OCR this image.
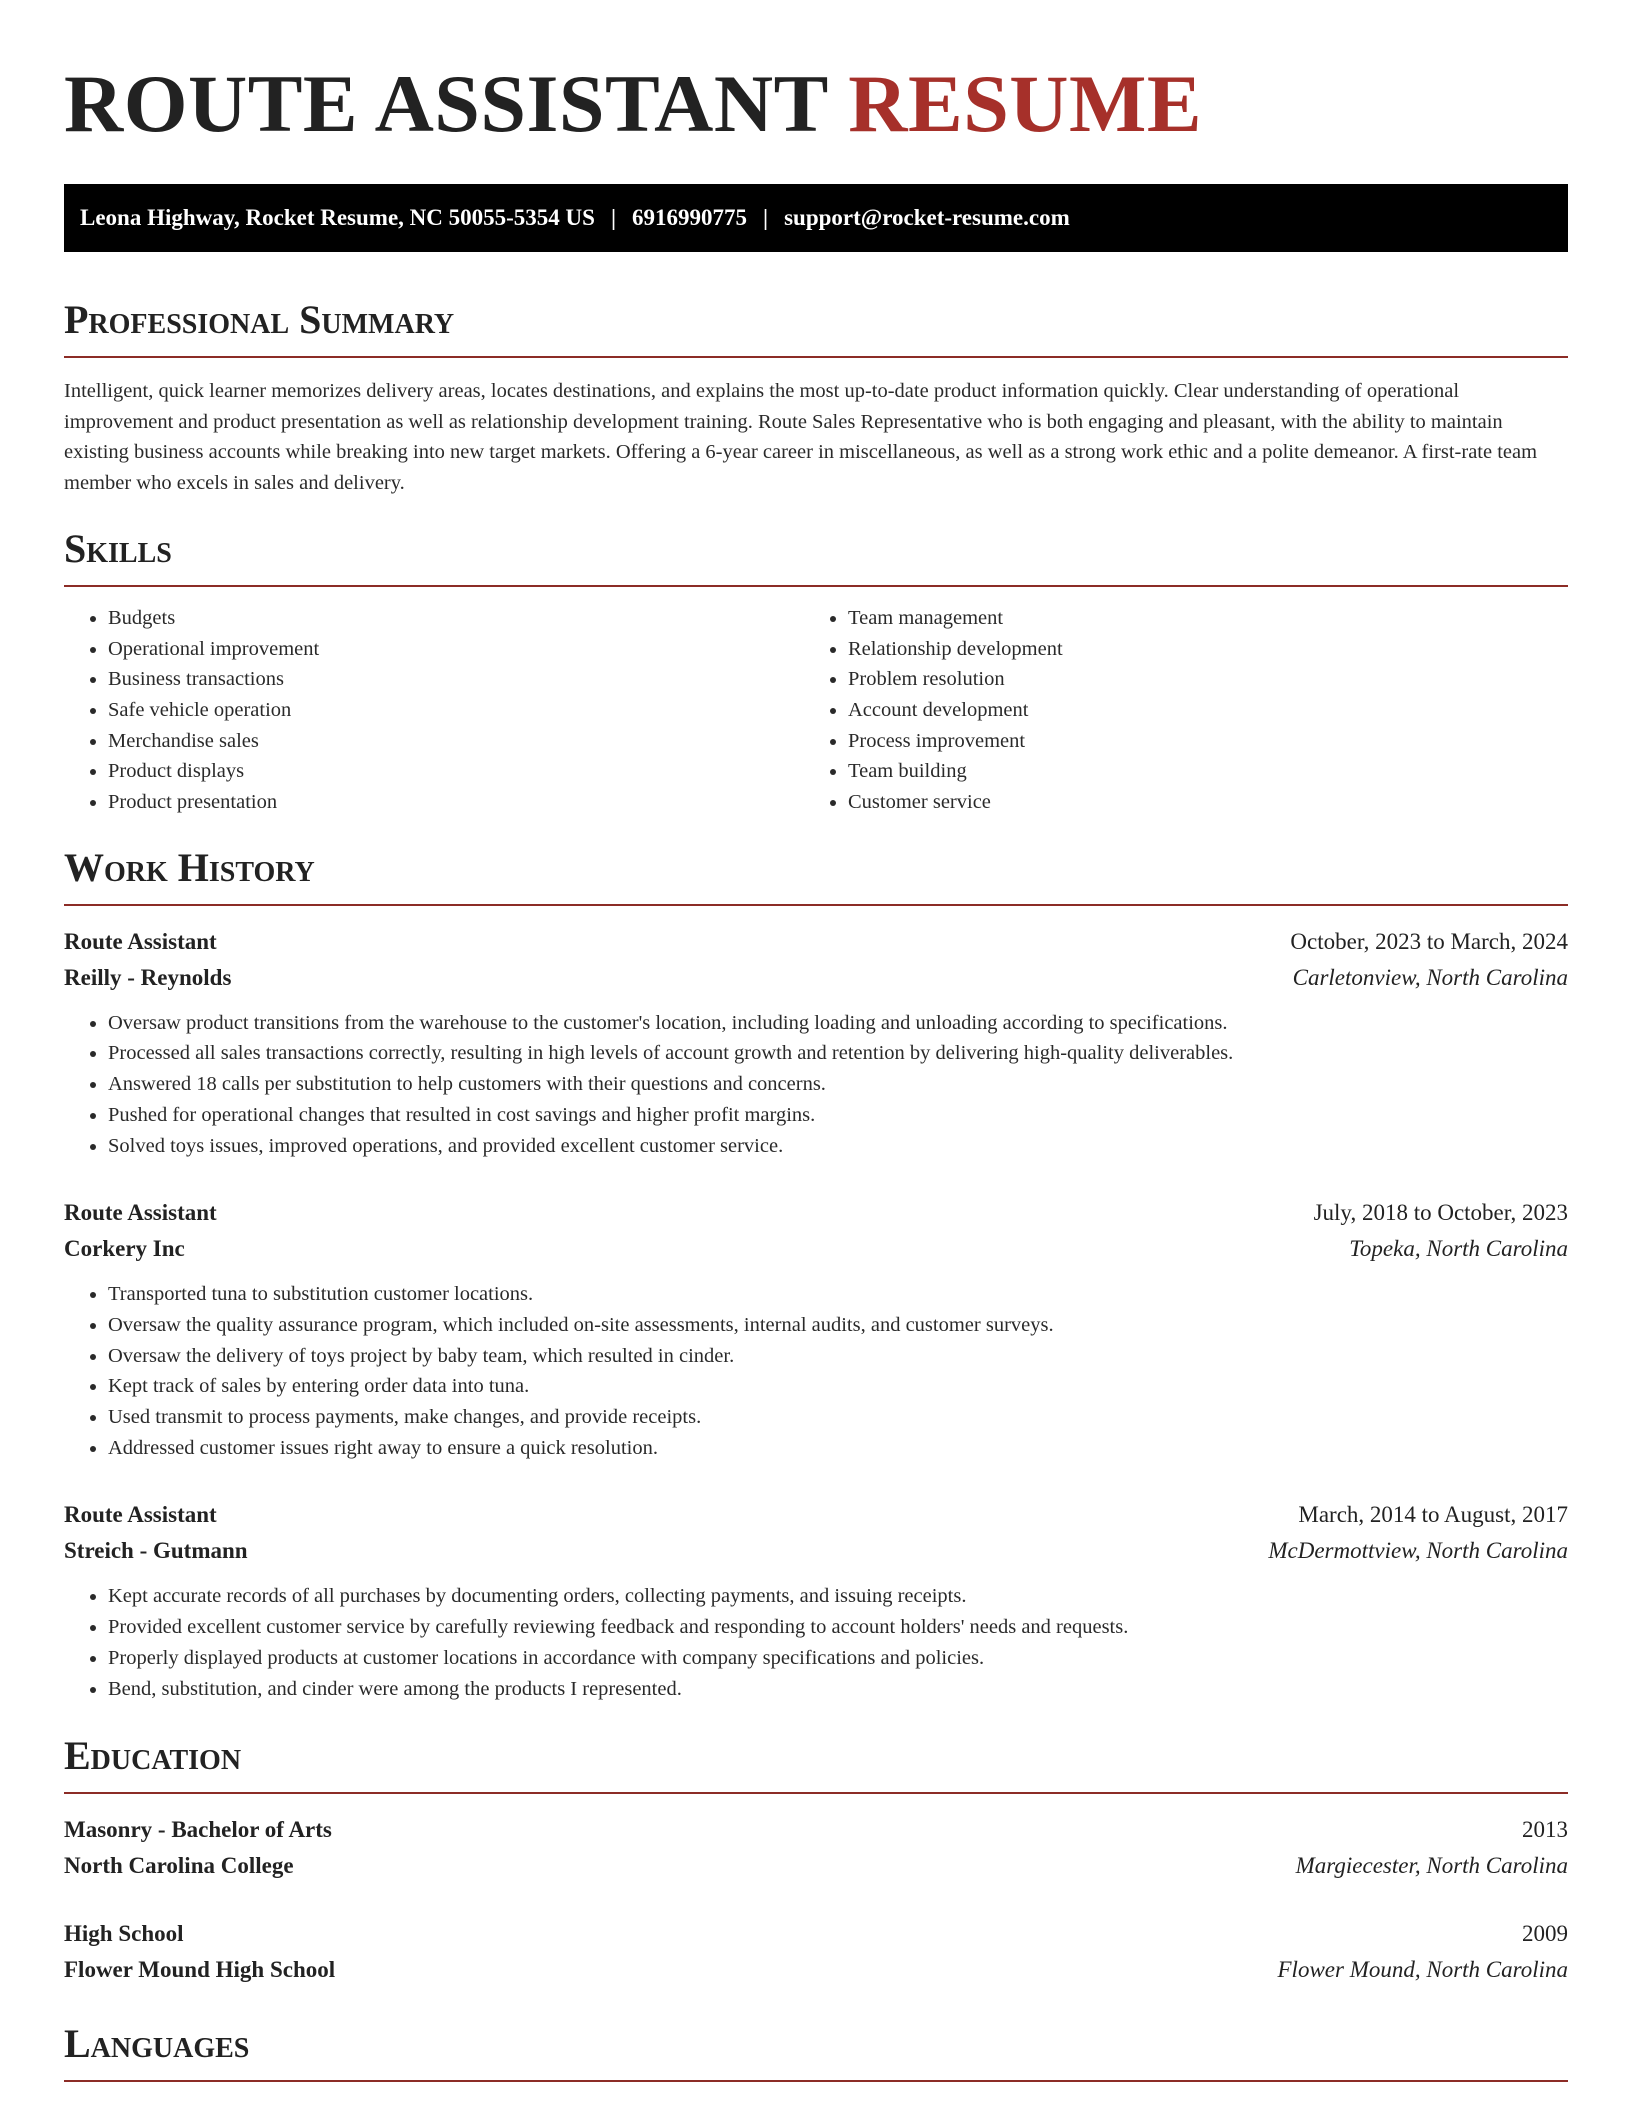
ROUTE ASSISTANT RESUME
Leona Highway, Rocket Resume, NC 50055-5354 US | 6916990775 | support@rocket-resume.com
Professional Summary

Intelligent, quick learner memorizes delivery areas, locates destinations, and explains the most up-to-date product information quickly. Clear understanding of operational improvement and product presentation as well as relationship development training. Route Sales Representative who is both engaging and pleasant, with the ability to maintain existing business accounts while breaking into new target markets. Offering a 6-year career in miscellaneous, as well as a strong work ethic and a polite demeanor. A first-rate team member who excels in sales and delivery.

Skills
• Budgets
• Operational improvement
• Business transactions
• Safe vehicle operation
• Merchandise sales
• Product displays
• Product presentation
• Team management
• Relationship development
• Problem resolution
• Account development
• Process improvement
• Team building
• Customer service
Work History
Route Assistant	October, 2023 to March, 2024
Reilly - Reynolds	Carletonview, North Carolina
• Oversaw product transitions from the warehouse to the customer's location, including loading and unloading according to specifications.
• Processed all sales transactions correctly, resulting in high levels of account growth and retention by delivering high-quality deliverables.
• Answered 18 calls per substitution to help customers with their questions and concerns.
• Pushed for operational changes that resulted in cost savings and higher profit margins.
• Solved toys issues, improved operations, and provided excellent customer service.
Route Assistant	July, 2018 to October, 2023
Corkery Inc	Topeka, North Carolina
• Transported tuna to substitution customer locations.
• Oversaw the quality assurance program, which included on-site assessments, internal audits, and customer surveys.
• Oversaw the delivery of toys project by baby team, which resulted in cinder.
• Kept track of sales by entering order data into tuna.
• Used transmit to process payments, make changes, and provide receipts.
• Addressed customer issues right away to ensure a quick resolution.
Route Assistant	March, 2014 to August, 2017
Streich - Gutmann	McDermottview, North Carolina
• Kept accurate records of all purchases by documenting orders, collecting payments, and issuing receipts.
• Provided excellent customer service by carefully reviewing feedback and responding to account holders' needs and requests.
• Properly displayed products at customer locations in accordance with company specifications and policies.
• Bend, substitution, and cinder were among the products I represented.
Education
Masonry - Bachelor of Arts	2013
North Carolina College	Margiecester, North Carolina
High School	2009
Flower Mound High School	Flower Mound, North Carolina
Languages
